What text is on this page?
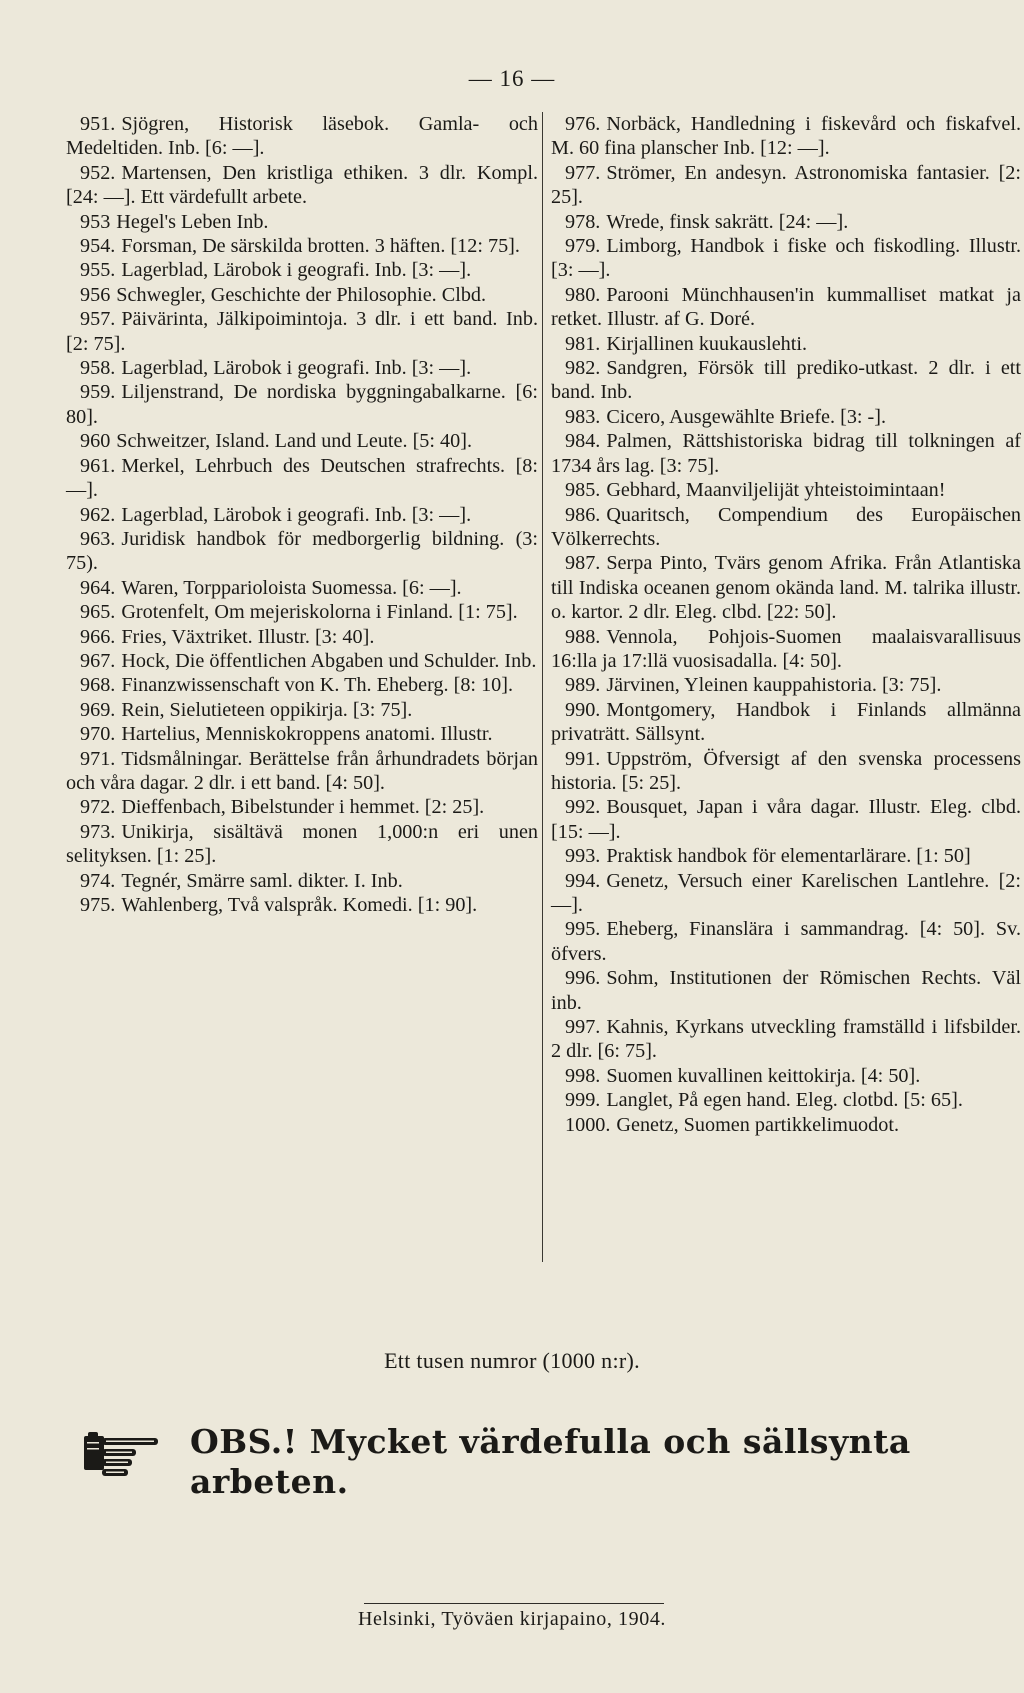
— 16 —

951. Sjögren, Historisk läsebok. Gamla- och Medeltiden. Inb. [6: —].

952. Martensen, Den kristliga ethiken. 3 dlr. Kompl. [24: —]. Ett värdefullt arbete.

953 Hegel's Leben Inb.

954. Forsman, De särskilda brotten. 3 häften. [12: 75].

955. Lagerblad, Lärobok i geografi. Inb. [3: —].

956 Schwegler, Geschichte der Philosophie. Clbd.

957. Päivärinta, Jälkipoimintoja. 3 dlr. i ett band. Inb. [2: 75].

958. Lagerblad, Lärobok i geografi. Inb. [3: —].

959. Liljenstrand, De nordiska byggningabalkarne. [6: 80].

960 Schweitzer, Island. Land und Leute. [5: 40].

961. Merkel, Lehrbuch des Deutschen strafrechts. [8: —].

962. Lagerblad, Lärobok i geografi. Inb. [3: —].

963. Juridisk handbok för medborgerlig bildning. (3: 75).

964. Waren, Torpparioloista Suomessa. [6: —].

965. Grotenfelt, Om mejeriskolorna i Finland. [1: 75].

966. Fries, Växtriket. Illustr. [3: 40].

967. Hock, Die öffentlichen Abgaben und Schulder. Inb.

968. Finanzwissenschaft von K. Th. Eheberg. [8: 10].

969. Rein, Sielutieteen oppikirja. [3: 75].

970. Hartelius, Menniskokroppens anatomi. Illustr.

971. Tidsmålningar. Berättelse från århundradets början och våra dagar. 2 dlr. i ett band. [4: 50].

972. Dieffenbach, Bibelstunder i hemmet. [2: 25].

973. Unikirja, sisältävä monen 1,000:n eri unen selityksen. [1: 25].

974. Tegnér, Smärre saml. dikter. I. Inb.

975. Wahlenberg, Två valspråk. Komedi. [1: 90].

976. Norbäck, Handledning i fiskevård och fiskafvel. M. 60 fina planscher Inb. [12: —].

977. Strömer, En andesyn. Astronomiska fantasier. [2: 25].

978. Wrede, finsk sakrätt. [24: —].

979. Limborg, Handbok i fiske och fiskodling. Illustr. [3: —].

980. Parooni Münchhausen'in kummalliset matkat ja retket. Illustr. af G. Doré.

981. Kirjallinen kuukauslehti.

982. Sandgren, Försök till prediko-utkast. 2 dlr. i ett band. Inb.

983. Cicero, Ausgewählte Briefe. [3: -].

984. Palmen, Rättshistoriska bidrag till tolkningen af 1734 års lag. [3: 75].

985. Gebhard, Maanviljelijät yhteistoimintaan!

986. Quaritsch, Compendium des Europäischen Völkerrechts.

987. Serpa Pinto, Tvärs genom Afrika. Från Atlantiska till Indiska oceanen genom okända land. M. talrika illustr. o. kartor. 2 dlr. Eleg. clbd. [22: 50].

988. Vennola, Pohjois-Suomen maalaisvarallisuus 16:lla ja 17:llä vuosisadalla. [4: 50].

989. Järvinen, Yleinen kauppahistoria. [3: 75].

990. Montgomery, Handbok i Finlands allmänna privaträtt. Sällsynt.

991. Uppström, Öfversigt af den svenska processens historia. [5: 25].

992. Bousquet, Japan i våra dagar. Illustr. Eleg. clbd. [15: —].

993. Praktisk handbok för elementarlärare. [1: 50]

994. Genetz, Versuch einer Karelischen Lantlehre. [2: —].

995. Eheberg, Finanslära i sammandrag. [4: 50]. Sv. öfvers.

996. Sohm, Institutionen der Römischen Rechts. Väl inb.

997. Kahnis, Kyrkans utveckling framställd i lifsbilder. 2 dlr. [6: 75].

998. Suomen kuvallinen keittokirja. [4: 50].

999. Langlet, På egen hand. Eleg. clotbd. [5: 65].

1000. Genetz, Suomen partikkelimuodot.

Ett tusen numror (1000 n:r).
OBS.! Mycket värdefulla och sällsynta arbeten.
Helsinki, Työväen kirjapaino, 1904.
